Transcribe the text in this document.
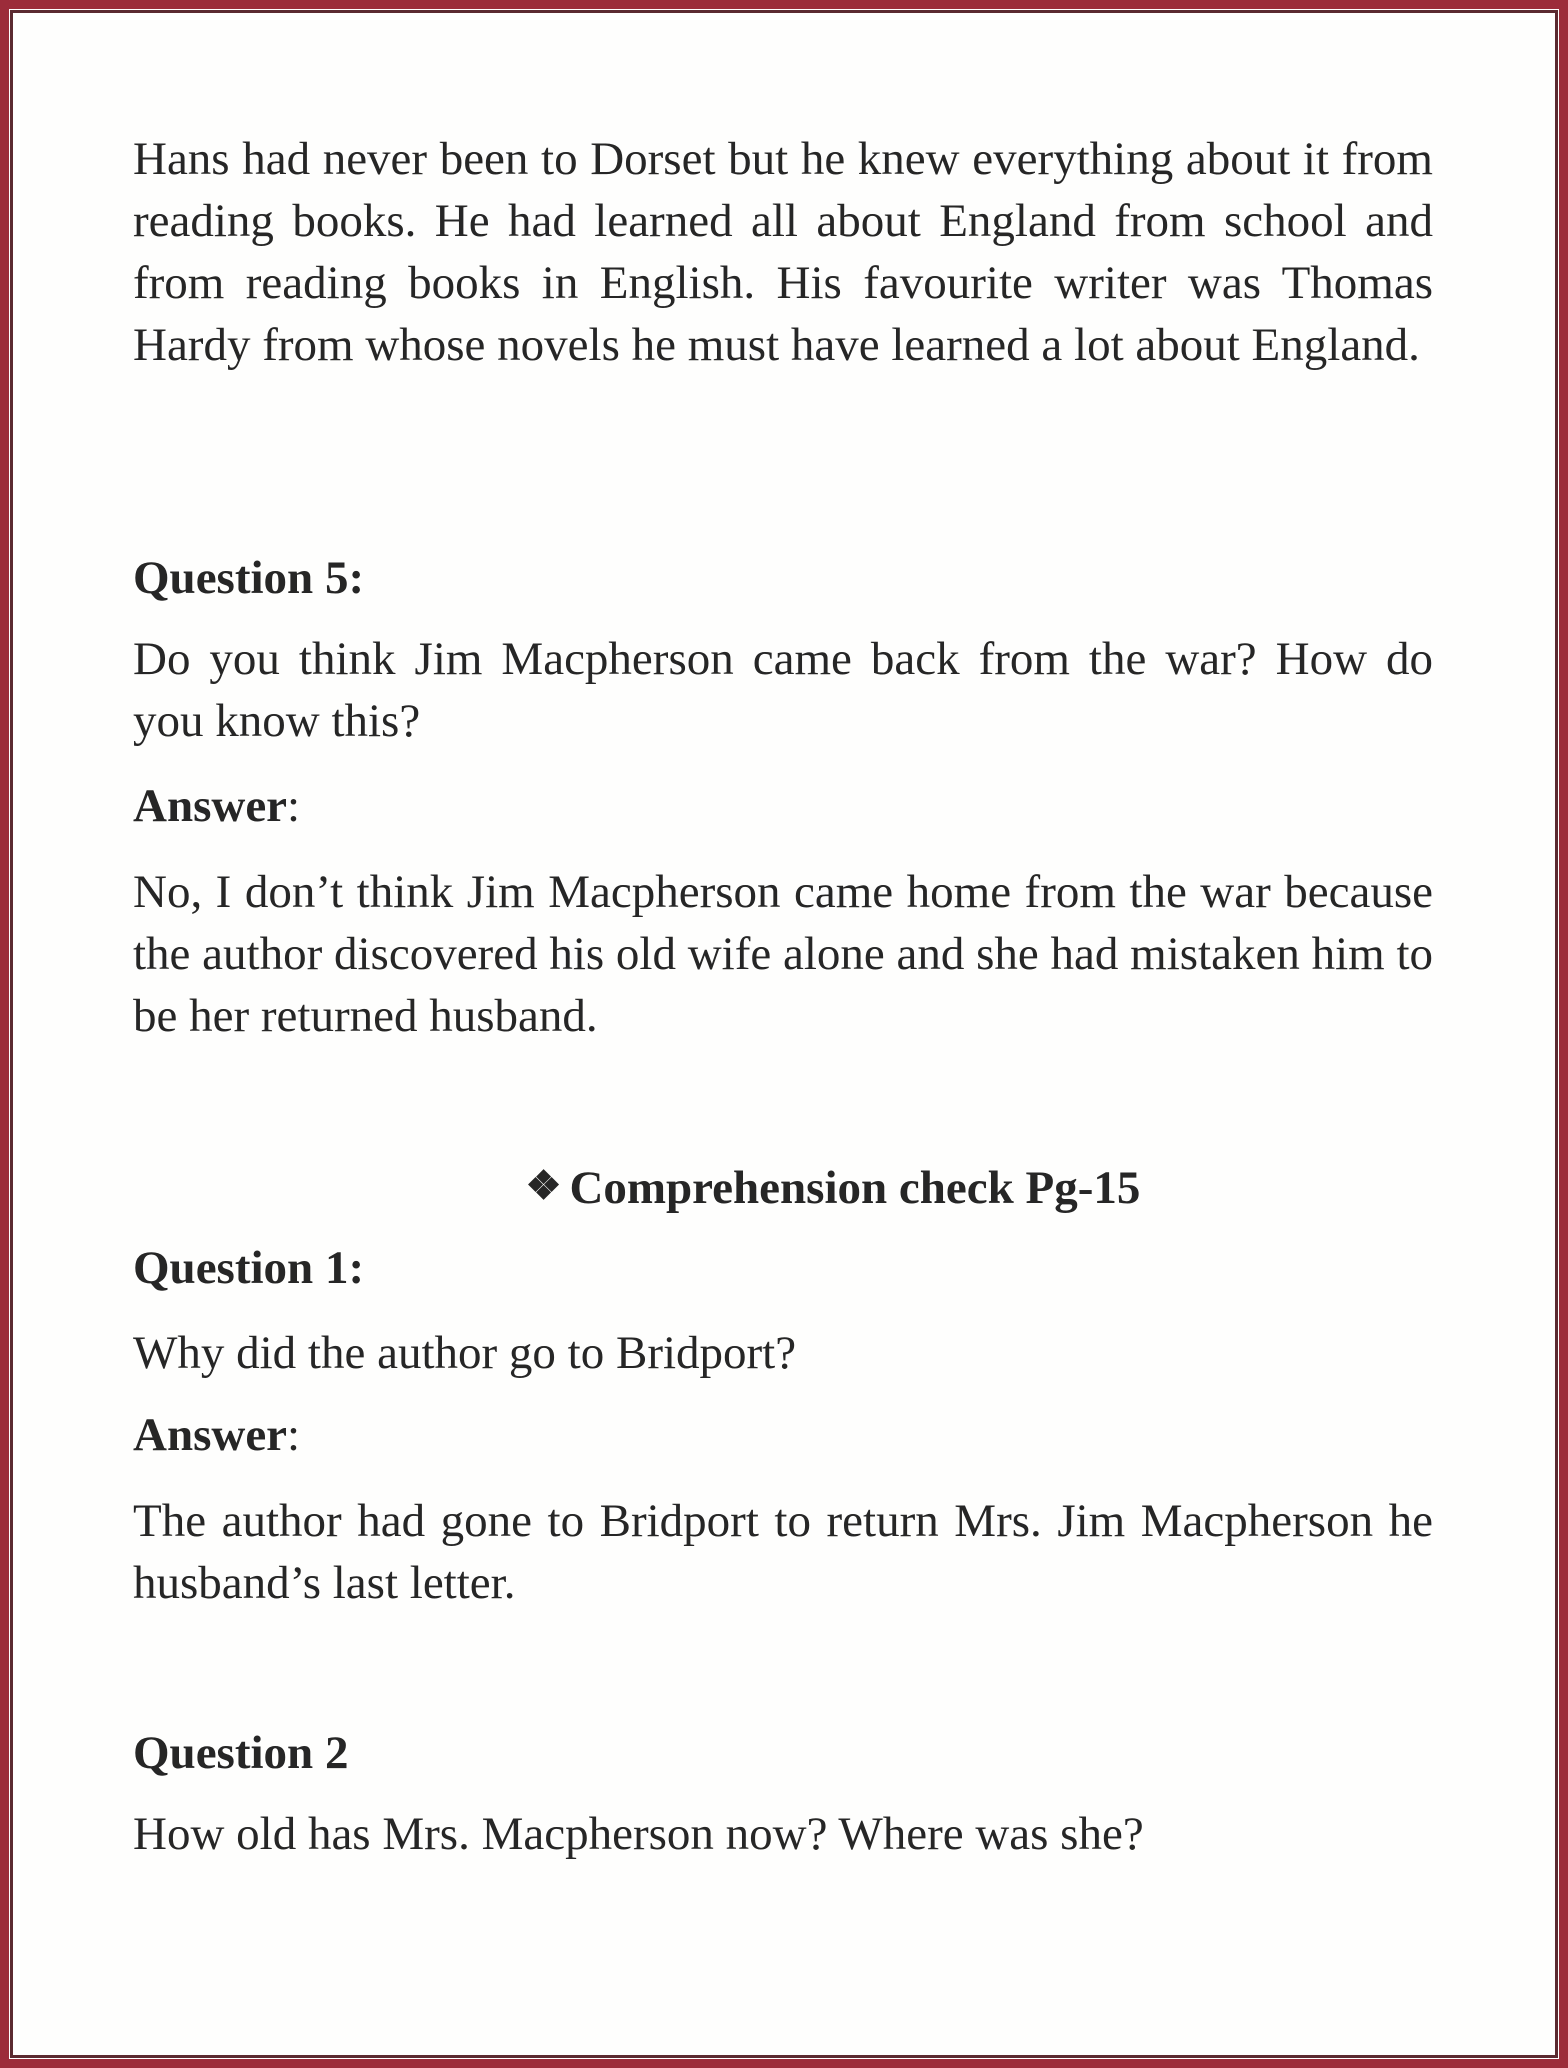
Hans had never been to Dorset but he knew everything about it from reading books. He had learned all about England from school and from reading books in English. His favourite writer was Thomas Hardy from whose novels he must have learned a lot about England.

Question 5:

Do you think Jim Macpherson came back from the war? How do you know this?

Answer:

No, I don’t think Jim Macpherson came home from the war because the author discovered his old wife alone and she had mistaken him to be her returned husband.

❖ Comprehension check Pg-15
Question 1:

Why did the author go to Bridport?

Answer:

The author had gone to Bridport to return Mrs. Jim Macpherson he husband’s last letter.

Question 2

How old has Mrs. Macpherson now? Where was she?
